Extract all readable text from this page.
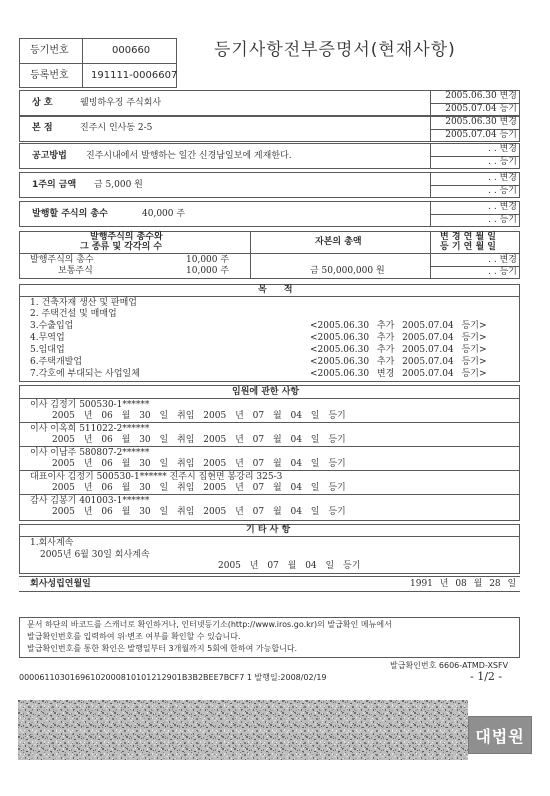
등기번호	000660
등록번호 191111-0006607
등기사항전부증명서(현재사항)
상 호	웰빙하우징 주식회사
2005.06.30 변경
2005.07.04 등기
본 점	진주시 인사동 2-5
2005.06.30 변경
2005.07.04 등기
공고방법 진주시내에서 발행하는 일간 신경남일보에 게재한다.
. . 변경
. . 등기
1주의 금액 금 5,000 원
. . 변경
. . 등기
발행할 주식의 총수	40,000 주
. . 변경
. . 등기
발행주식의 총수와
그 종류 및 각각의 수	자본의 총액	변 경 연 월 일
등 기 연 월 일
발행주식의 총수	10,000 주
보통주식	10,000 주	금 50,000,000 원
. . 변경
. . 등기
목 적
1. 건축자재 생산 및 판매업
2. 주택건설 및 매매업
3.수출입업	<2005.06.30 추가 2005.07.04 등기>
4.무역업	<2005.06.30 추가 2005.07.04 등기>
5.임대업	<2005.06.30 추가 2005.07.04 등기>
6.주택개발업	<2005.06.30 추가 2005.07.04 등기>
7.각호에 부대되는 사업일체	<2005.06.30 변경 2005.07.04 등기>
임원에 관한 사항
이사 김정기 500530-1******
2005 년 06 월 30 일 취임 2005 년 07 월 04 일 등기
이사 이옥희 511022-2******
2005 년 06 월 30 일 취임 2005 년 07 월 04 일 등기
이사 이남주 580807-2******
2005 년 06 월 30 일 취임 2005 년 07 월 04 일 등기
대표이사 김정기 500530-1****** 진주시 집현면 봉강리 325-3
2005 년 06 월 30 일 취임 2005 년 07 월 04 일 등기
감사 김봉기 401003-1******
2005 년 06 월 30 일 취임 2005 년 07 월 04 일 등기
기 타 사 항
1.회사계속
2005년 6월 30일 회사계속
2005 년 07 월 04 일 등기
회사성립연월일	1991 년 08 월 28 일
문서 하단의 바코드를 스캐너로 확인하거나, 인터넷등기소(http://www.iros.go.kr)의 발급확인 메뉴에서
발급확인번호를 입력하여 위·변조 여부를 확인할 수 있습니다.
발급확인번호를 통한 확인은 발행일부터 3개월까지 5회에 한하여 가능합니다.
발급확인번호 6606-ATMD-XSFV
00006110301696102000810101212901B3B2BEE7BCF7 1 발행일:2008/02/19	- 1/2 -
대법원
